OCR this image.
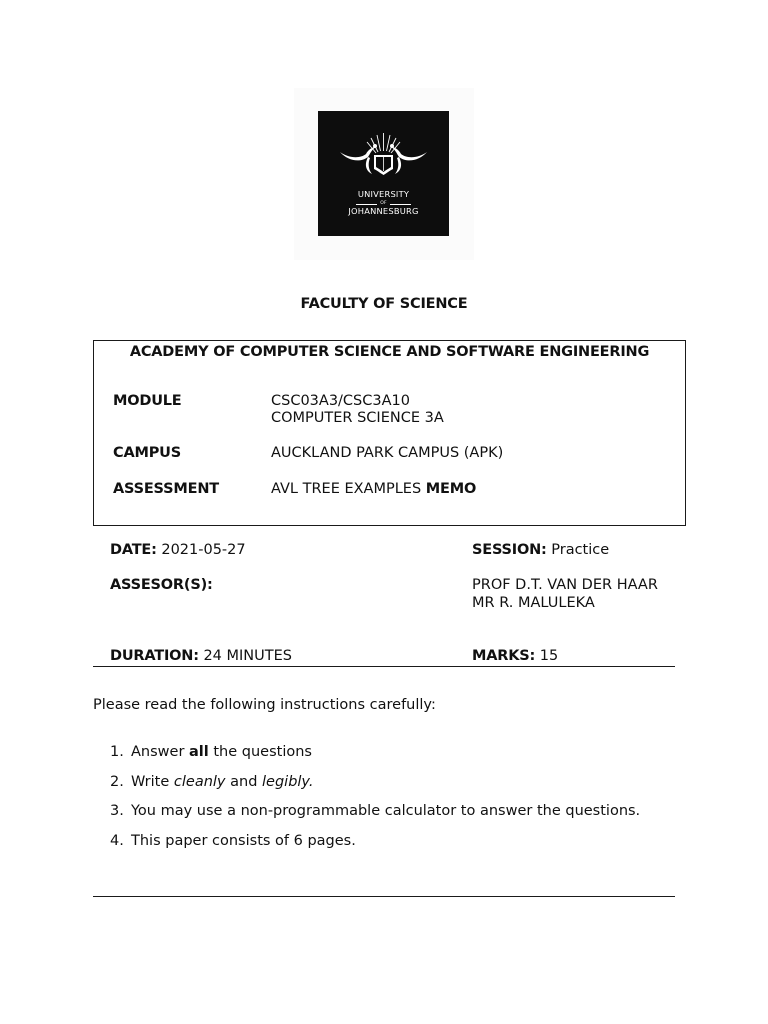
UNIVERSITY
OF
JOHANNESBURG
FACULTY OF SCIENCE
ACADEMY OF COMPUTER SCIENCE AND SOFTWARE ENGINEERING
MODULE	CSC03A3/CSC3A10
COMPUTER SCIENCE 3A
CAMPUS	AUCKLAND PARK CAMPUS (APK)
ASSESSMENT	AVL TREE EXAMPLES MEMO
DATE: 2021-05-27	SESSION: Practice
ASSESOR(S):	PROF D.T. VAN DER HAAR
MR R. MALULEKA
DURATION: 24 MINUTES	MARKS: 15
Please read the following instructions carefully:
1. Answer all the questions
2. Write cleanly and legibly.
3. You may use a non-programmable calculator to answer the questions.
4. This paper consists of 6 pages.
